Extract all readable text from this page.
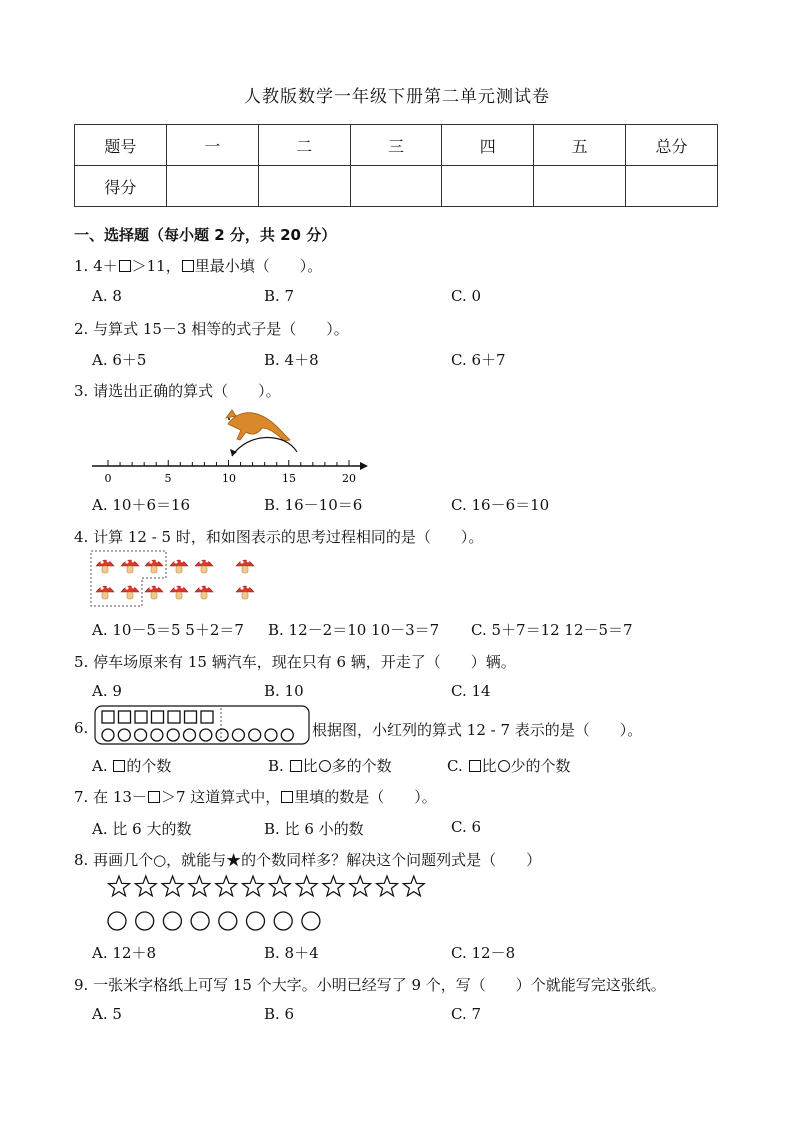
人教版数学一年级下册第二单元测试卷
题号	一	二	三	四	五	总分
得分						
一、选择题（每小题 2 分，共 20 分）
1. 4＋ ＞11， 里最小填（　　）。
A. 8	B. 7	C. 0
2. 与算式 15－3 相等的式子是（　　）。
A. 6＋5	B. 4＋8	C. 6＋7
3. 请选出正确的算式（　　）。
0	5	10	15	20
A. 10＋6＝16	B. 16－10＝6	C. 16－6＝10
4. 计算 12 - 5 时，和如图表示的思考过程相同的是（　　）。
A. 10－5＝5 5＋2＝7 B. 12－2＝10 10－3＝7 C. 5＋7＝12 12－5＝7
5. 停车场原来有 15 辆汽车，现在只有 6 辆，开走了（　　）辆。
A. 9	B. 10	C. 14
6.	根据图，小红列的算式 12 - 7 表示的是（　　）。
A. 的个数	B. 比 多的个数	C. 比 少的个数
7. 在 13－ ＞7 这道算式中， 里填的数是（　　）。
A. 比 6 大的数	B. 比 6 小的数	C. 6
8. 再画几个○，就能与★的个数同样多？解决这个问题列式是（　　）
A. 12＋8	B. 8＋4	C. 12－8
9. 一张米字格纸上可写 15 个大字。小明已经写了 9 个，写（　　）个就能写完这张纸。
A. 5	B. 6	C. 7
